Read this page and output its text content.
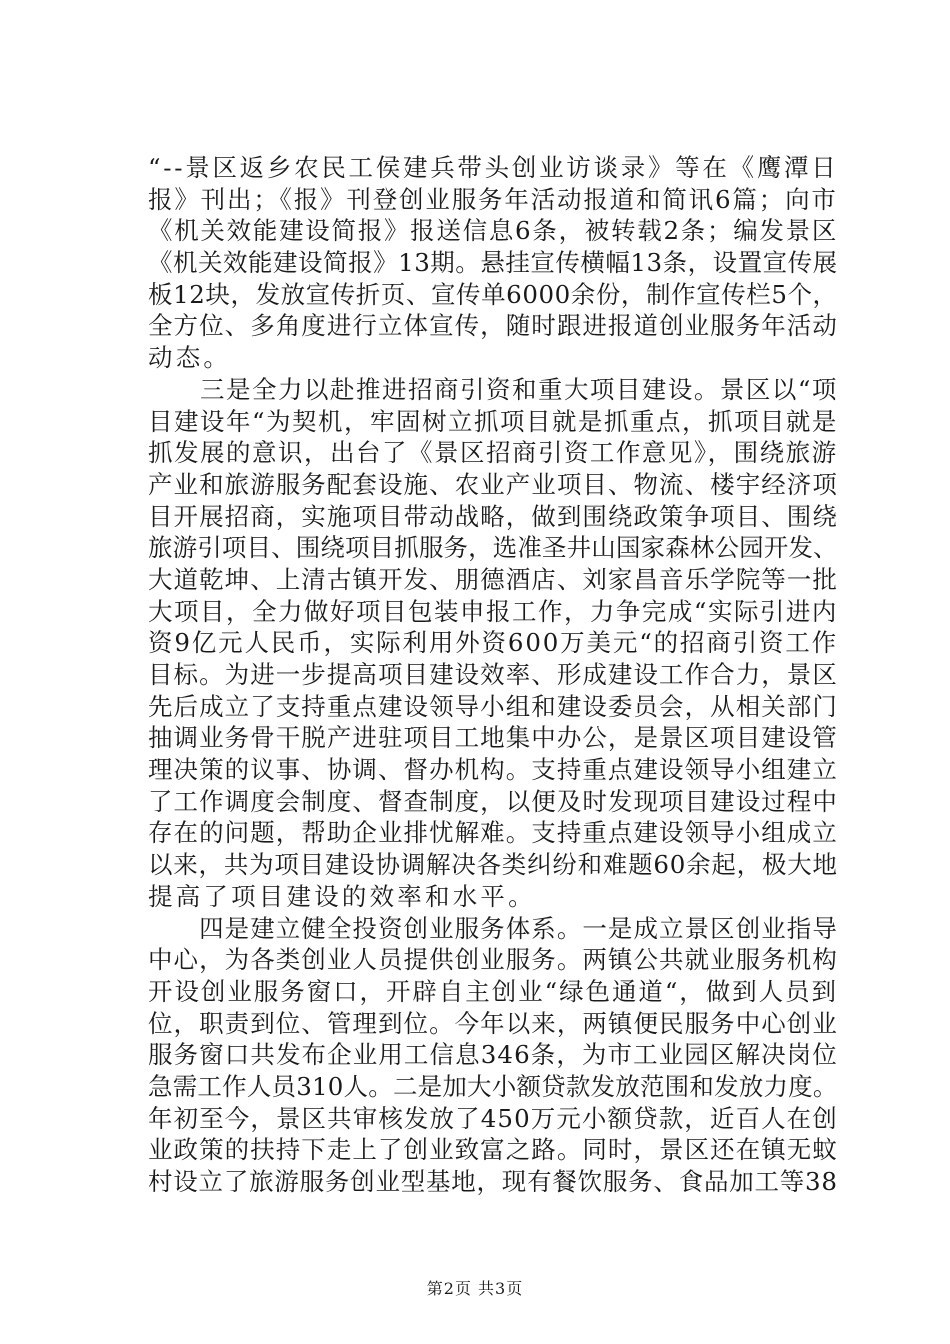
“--景区返乡农民工侯建兵带头创业访谈录》等在《鹰潭日
报》刊出；《报》刊登创业服务年活动报道和简讯6篇；向市
《机关效能建设简报》报送信息6条，被转载2条；编发景区
《机关效能建设简报》13期。悬挂宣传横幅13条，设置宣传展
板12块，发放宣传折页、宣传单6000余份，制作宣传栏5个，
全方位、多角度进行立体宣传，随时跟进报道创业服务年活动
动态。
　　三是全力以赴推进招商引资和重大项目建设。景区以“项
目建设年“为契机，牢固树立抓项目就是抓重点，抓项目就是
抓发展的意识，出台了《景区招商引资工作意见》，围绕旅游
产业和旅游服务配套设施、农业产业项目、物流、楼宇经济项
目开展招商，实施项目带动战略，做到围绕政策争项目、围绕
旅游引项目、围绕项目抓服务，选准圣井山国家森林公园开发、
大道乾坤、上清古镇开发、朋德酒店、刘家昌音乐学院等一批
大项目，全力做好项目包装申报工作，力争完成“实际引进内
资9亿元人民币，实际利用外资600万美元“的招商引资工作
目标。为进一步提高项目建设效率、形成建设工作合力，景区
先后成立了支持重点建设领导小组和建设委员会，从相关部门
抽调业务骨干脱产进驻项目工地集中办公，是景区项目建设管
理决策的议事、协调、督办机构。支持重点建设领导小组建立
了工作调度会制度、督查制度，以便及时发现项目建设过程中
存在的问题，帮助企业排忧解难。支持重点建设领导小组成立
以来，共为项目建设协调解决各类纠纷和难题60余起，极大地
提高了项目建设的效率和水平。
　　四是建立健全投资创业服务体系。一是成立景区创业指导
中心，为各类创业人员提供创业服务。两镇公共就业服务机构
开设创业服务窗口，开辟自主创业“绿色通道“，做到人员到
位，职责到位、管理到位。今年以来，两镇便民服务中心创业
服务窗口共发布企业用工信息346条，为市工业园区解决岗位
急需工作人员310人。二是加大小额贷款发放范围和发放力度。
年初至今，景区共审核发放了450万元小额贷款，近百人在创
业政策的扶持下走上了创业致富之路。同时，景区还在镇无蚊
村设立了旅游服务创业型基地，现有餐饮服务、食品加工等38
第2页 共3页
